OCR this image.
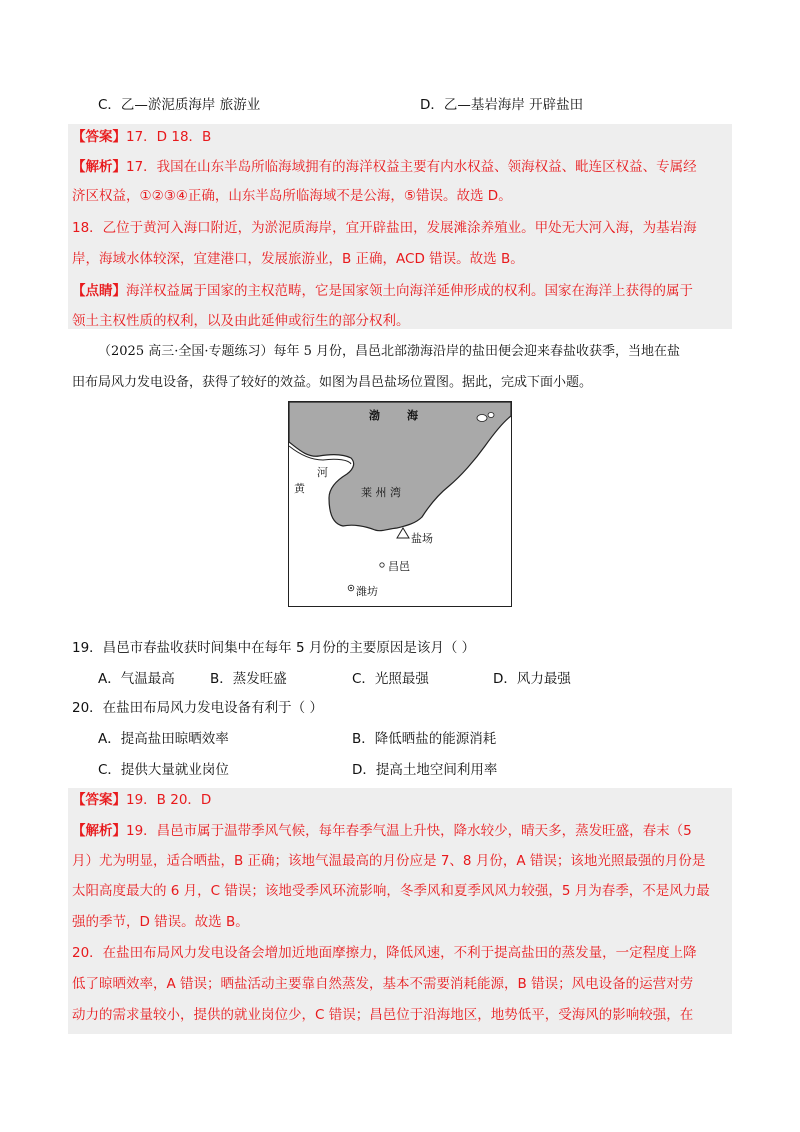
C．乙—淤泥质海岸 旅游业	D．乙—基岩海岸 开辟盐田
【答案】17．D 18．B
【解析】17．我国在山东半岛所临海域拥有的海洋权益主要有内水权益、领海权益、毗连区权益、专属经
济区权益，①②③④正确，山东半岛所临海域不是公海，⑤错误。故选 D。
18．乙位于黄河入海口附近，为淤泥质海岸，宜开辟盐田，发展滩涂养殖业。甲处无大河入海，为基岩海
岸，海域水体较深，宜建港口，发展旅游业，B 正确，ACD 错误。故选 B。
【点睛】海洋权益属于国家的主权范畴，它是国家领土向海洋延伸形成的权利。国家在海洋上获得的属于
领土主权性质的权利，以及由此延伸或衍生的部分权利。
（2025 高三·全国·专题练习）每年 5 月份，昌邑北部渤海沿岸的盐田便会迎来春盐收获季，当地在盐
田布局风力发电设备，获得了较好的效益。如图为昌邑盐场位置图。据此，完成下面小题。
渤 海
河
黄	莱 州 湾
盐场
昌邑
潍坊
19．昌邑市春盐收获时间集中在每年 5 月份的主要原因是该月（ ）
A．气温最高	B．蒸发旺盛	C．光照最强	D．风力最强
20．在盐田布局风力发电设备有利于（ ）
A．提高盐田晾晒效率	B．降低晒盐的能源消耗
C．提供大量就业岗位	D．提高土地空间利用率
【答案】19．B 20．D
【解析】19．昌邑市属于温带季风气候，每年春季气温上升快，降水较少，晴天多，蒸发旺盛，春末（5
月）尤为明显，适合晒盐，B 正确；该地气温最高的月份应是 7、8 月份，A 错误；该地光照最强的月份是
太阳高度最大的 6 月，C 错误；该地受季风环流影响，冬季风和夏季风风力较强，5 月为春季，不是风力最
强的季节，D 错误。故选 B。
20．在盐田布局风力发电设备会增加近地面摩擦力，降低风速，不利于提高盐田的蒸发量，一定程度上降
低了晾晒效率，A 错误；晒盐活动主要靠自然蒸发，基本不需要消耗能源，B 错误；风电设备的运营对劳
动力的需求量较小，提供的就业岗位少，C 错误；昌邑位于沿海地区，地势低平，受海风的影响较强，在
